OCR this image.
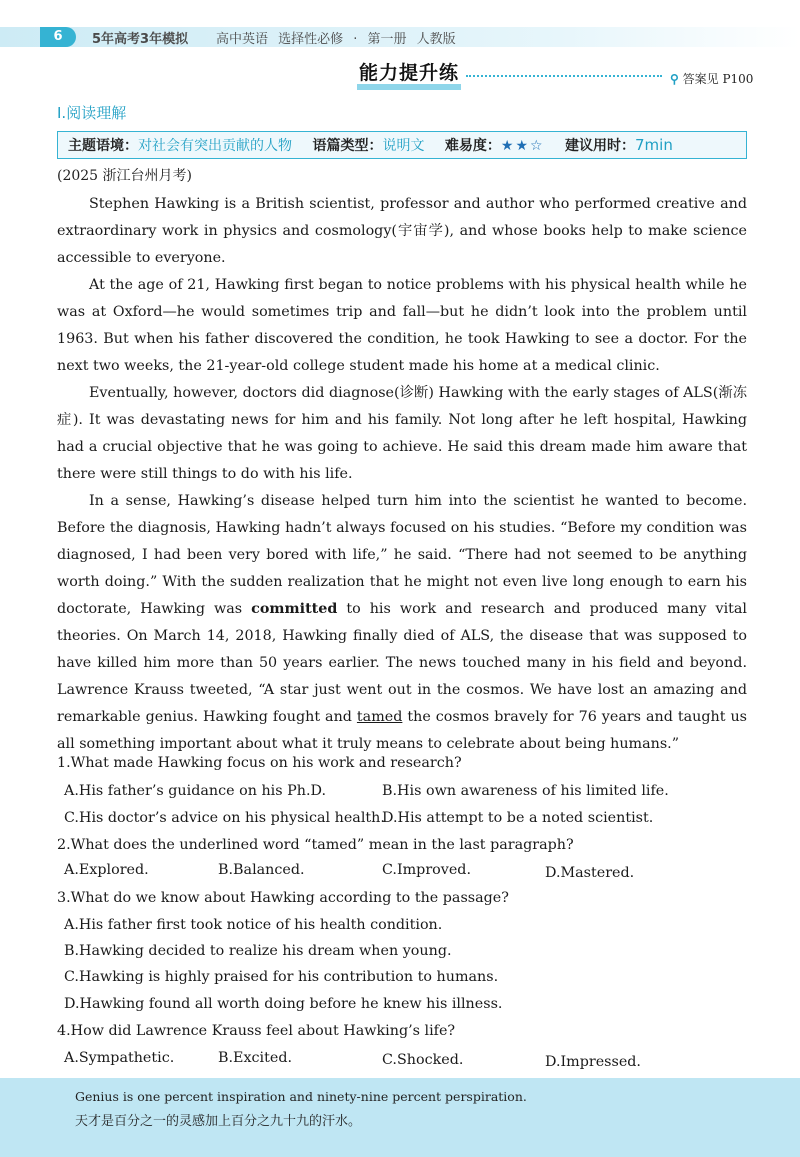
6	5年高考3年模拟 高中英语 选择性必修 · 第一册 人教版
能力提升练	⚲ 答案见 P100
Ⅰ.阅读理解
主题语境：对社会有突出贡献的人物 语篇类型：说明文 难易度：★★☆ 建议用时：7min
(2025 浙江台州月考)

Stephen Hawking is a British scientist, professor and author who performed creative and extraordinary work in physics and cosmology(宇宙学), and whose books help to make science accessible to everyone.

At the age of 21, Hawking first began to notice problems with his physical health while he was at Oxford—he would sometimes trip and fall—but he didn’t look into the problem until 1963. But when his father discovered the condition, he took Hawking to see a doctor. For the next two weeks, the 21-year-old college student made his home at a medical clinic.

Eventually, however, doctors did diagnose(诊断) Hawking with the early stages of ALS(渐冻症). It was devastating news for him and his family. Not long after he left hospital, Hawking had a crucial objective that he was going to achieve. He said this dream made him aware that there were still things to do with his life.

In a sense, Hawking’s disease helped turn him into the scientist he wanted to become. Before the diagnosis, Hawking hadn’t always focused on his studies. “Before my condition was diagnosed, I had been very bored with life,” he said. “There had not seemed to be anything worth doing.” With the sudden realization that he might not even live long enough to earn his doctorate, Hawking was committed to his work and research and produced many vital theories. On March 14, 2018, Hawking finally died of ALS, the disease that was supposed to have killed him more than 50 years earlier. The news touched many in his field and beyond. Lawrence Krauss tweeted, “A star just went out in the cosmos. We have lost an amazing and remarkable genius. Hawking fought and tamed the cosmos bravely for 76 years and taught us all something important about what it truly means to celebrate about being humans.”

1.What made Hawking focus on his work and research?
A.His father’s guidance on his Ph.D.	B.His own awareness of his limited life.
C.His doctor’s advice on his physical health.
D.His attempt to be a noted scientist.
2.What does the underlined word “tamed” mean in the last paragraph?
A.Explored.	B.Balanced.	C.Improved.	D.Mastered.
3.What do we know about Hawking according to the passage?
A.His father first took notice of his health condition.
B.Hawking decided to realize his dream when young.
C.Hawking is highly praised for his contribution to humans.
D.Hawking found all worth doing before he knew his illness.
4.How did Lawrence Krauss feel about Hawking’s life?
A.Sympathetic.	B.Excited.	C.Shocked.	D.Impressed.
Genius is one percent inspiration and ninety-nine percent perspiration.
天才是百分之一的灵感加上百分之九十九的汗水。
